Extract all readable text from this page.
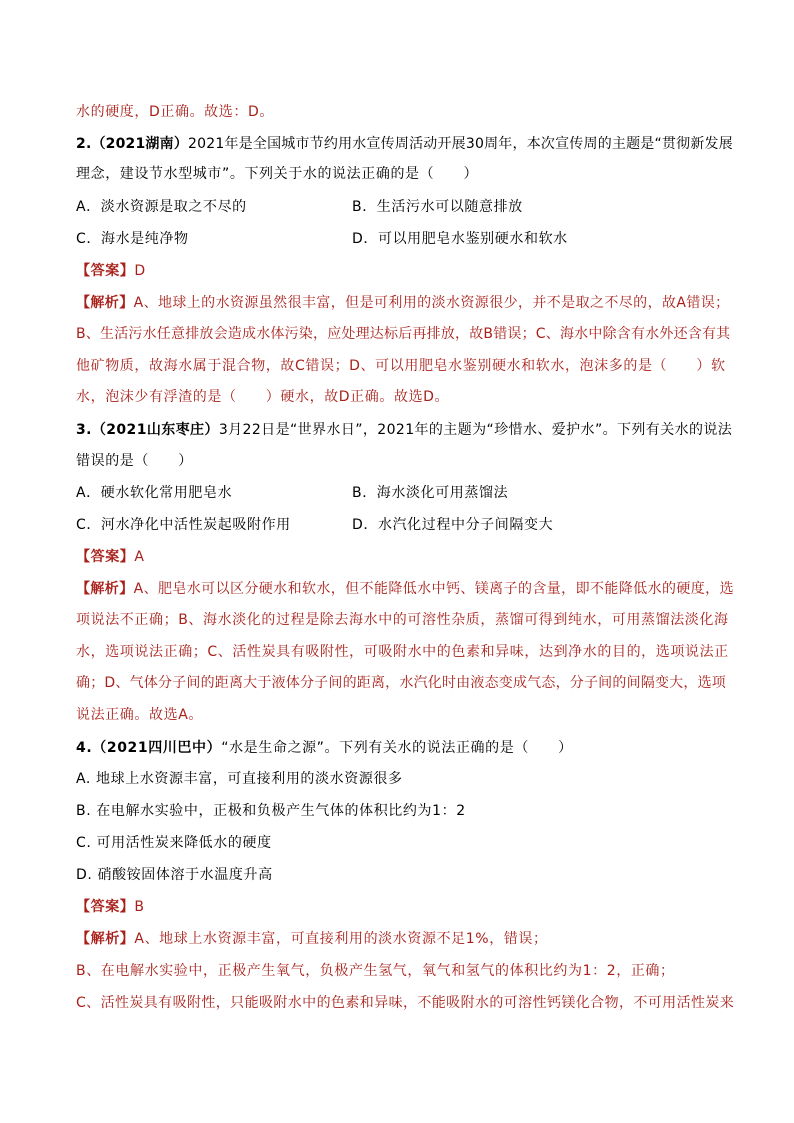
水的硬度，D正确。故选：D。
2.（2021湖南）2021年是全国城市节约用水宣传周活动开展30周年，本次宣传周的主题是“贯彻新发展
理念，建设节水型城市”。下列关于水的说法正确的是（　　）
A．淡水资源是取之不尽的	B．生活污水可以随意排放
C．海水是纯净物	D．可以用肥皂水鉴别硬水和软水
【答案】D
【解析】A、地球上的水资源虽然很丰富，但是可利用的淡水资源很少，并不是取之不尽的，故A错误；
B、生活污水任意排放会造成水体污染，应处理达标后再排放，故B错误；C、海水中除含有水外还含有其
他矿物质，故海水属于混合物，故C错误；D、可以用肥皂水鉴别硬水和软水，泡沫多的是（　　）软
水，泡沫少有浮渣的是（　　）硬水，故D正确。故选D。
3.（2021山东枣庄）3月22日是“世界水日”，2021年的主题为“珍惜水、爱护水”。下列有关水的说法
错误的是（　　）
A．硬水软化常用肥皂水	B．海水淡化可用蒸馏法
C．河水净化中活性炭起吸附作用	D．水汽化过程中分子间隔变大
【答案】A
【解析】A、肥皂水可以区分硬水和软水，但不能降低水中钙、镁离子的含量，即不能降低水的硬度，选
项说法不正确；B、海水淡化的过程是除去海水中的可溶性杂质，蒸馏可得到纯水，可用蒸馏法淡化海
水，选项说法正确；C、活性炭具有吸附性，可吸附水中的色素和异味，达到净水的目的，选项说法正
确；D、气体分子间的距离大于液体分子间的距离，水汽化时由液态变成气态，分子间的间隔变大，选项
说法正确。故选A。
4.（2021四川巴中）“水是生命之源”。下列有关水的说法正确的是（　　）
A. 地球上水资源丰富，可直接利用的淡水资源很多
B. 在电解水实验中，正极和负极产生气体的体积比约为1：2
C. 可用活性炭来降低水的硬度
D. 硝酸铵固体溶于水温度升高
【答案】B
【解析】A、地球上水资源丰富，可直接利用的淡水资源不足1%，错误；
B、在电解水实验中，正极产生氧气，负极产生氢气，氧气和氢气的体积比约为1：2，正确；
C、活性炭具有吸附性，只能吸附水中的色素和异味，不能吸附水的可溶性钙镁化合物，不可用活性炭来
